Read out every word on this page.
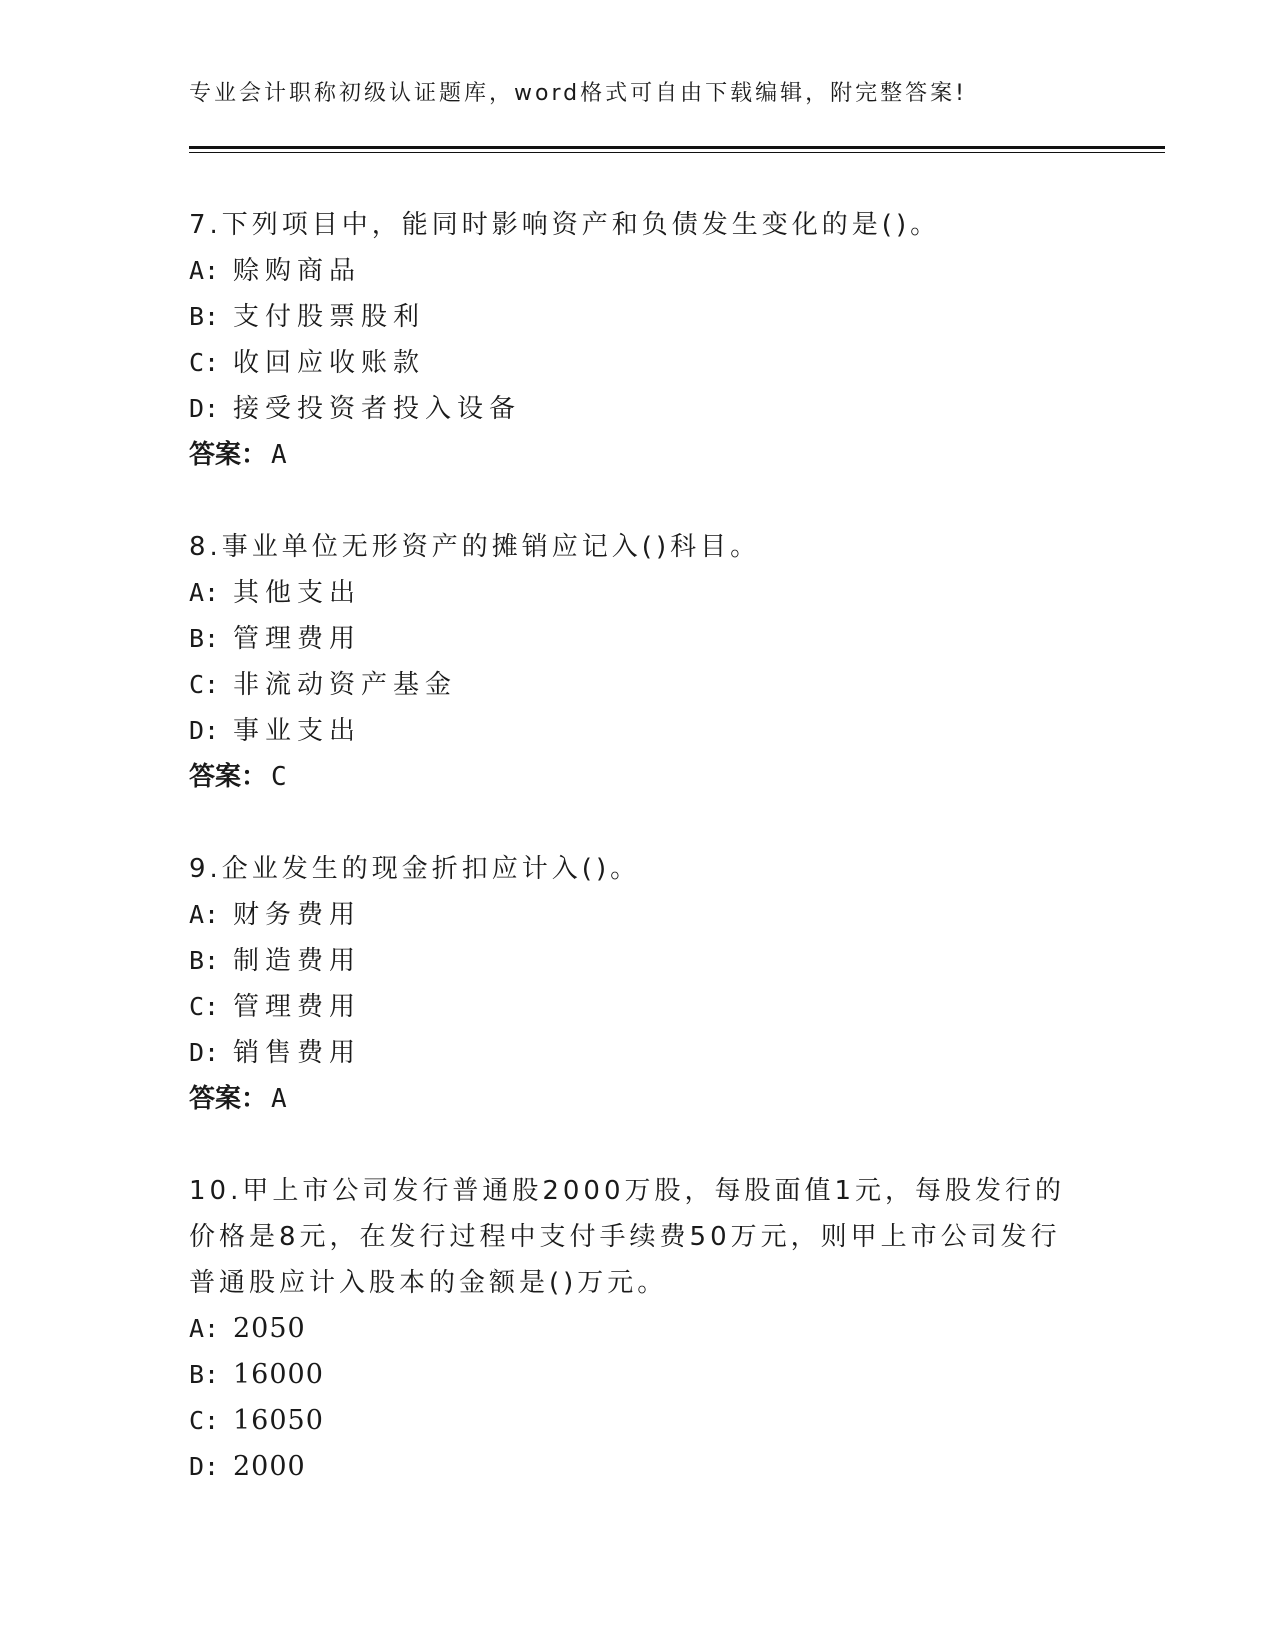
专业会计职称初级认证题库，word格式可自由下载编辑，附完整答案!
7.下列项目中，能同时影响资产和负债发生变化的是()。
A: 赊购商品
B: 支付股票股利
C: 收回应收账款
D: 接受投资者投入设备
答案： A
8.事业单位无形资产的摊销应记入()科目。
A: 其他支出
B: 管理费用
C: 非流动资产基金
D: 事业支出
答案： C
9.企业发生的现金折扣应计入()。
A: 财务费用
B: 制造费用
C: 管理费用
D: 销售费用
答案： A
10.甲上市公司发行普通股2000万股，每股面值1元，每股发行的价格是8元，在发行过程中支付手续费50万元，则甲上市公司发行普通股应计入股本的金额是()万元。
A: 2050
B: 16000
C: 16050
D: 2000
